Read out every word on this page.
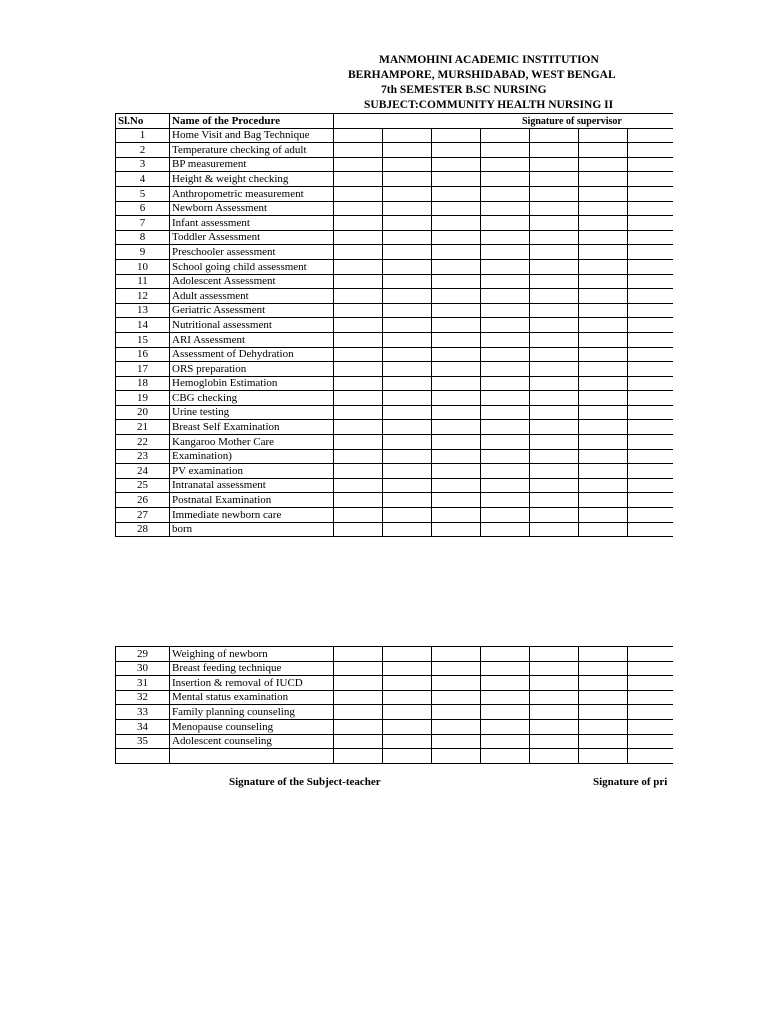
MANMOHINI ACADEMIC INSTITUTION
BERHAMPORE, MURSHIDABAD, WEST BENGAL
7th SEMESTER B.SC NURSING
SUBJECT:COMMUNITY HEALTH NURSING II
Sl.No	Name of the Procedure								
1	Home Visit and Bag Technique								
2	Temperature checking of adult								
3	BP measurement								
4	Height & weight checking								
5	Anthropometric measurement								
6	Newborn Assessment								
7	Infant assessment								
8	Toddler Assessment								
9	Preschooler assessment								
10	School going child assessment								
11	Adolescent Assessment								
12	Adult assessment								
13	Geriatric Assessment								
14	Nutritional assessment								
15	ARI Assessment								
16	Assessment of Dehydration								
17	ORS preparation								
18	Hemoglobin Estimation								
19	CBG checking								
20	Urine testing								
21	Breast Self Examination								
22	Kangaroo Mother Care								
23	Examination)								
24	PV examination								
25	Intranatal assessment								
26	Postnatal Examination								
27	Immediate newborn care								
28	born								
Signature of supervisor
29	Weighing of newborn								
30	Breast feeding technique								
31	Insertion & removal of IUCD								
32	Mental status examination								
33	Family planning counseling								
34	Menopause counseling								
35	Adolescent counseling								

Signature of the Subject-teacher	Signature of pri
